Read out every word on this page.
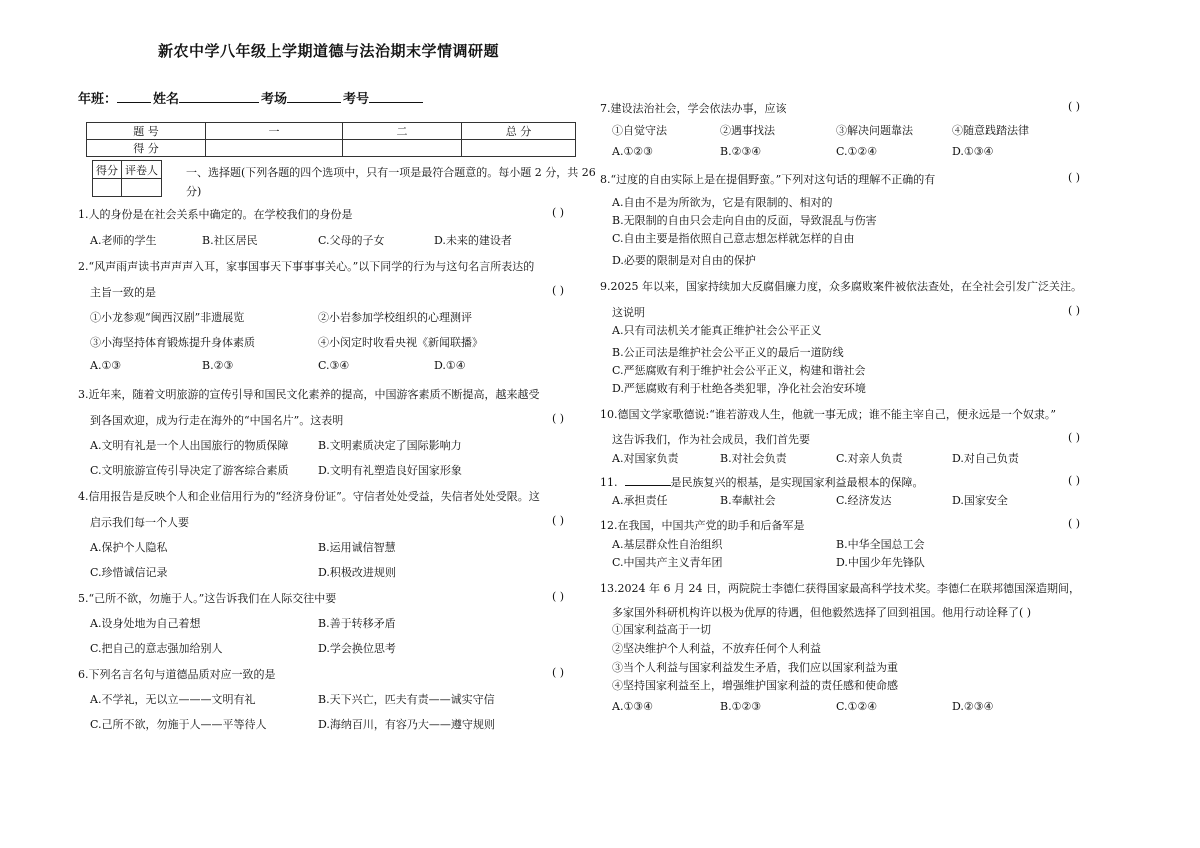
新农中学八年级上学期道德与法治期末学情调研题
年班：	姓名	考场	考号
题 号	一	二	总 分
得 分			
得分	评卷人
		一、选择题(下列各题的四个选项中，只有一项是最符合题意的。每小题 2 分，共 26分)
1.人的身份是在社会关系中确定的。在学校我们的身份是	( )
A.老师的学生	B.社区居民	C.父母的子女	D.未来的建设者
2.“风声雨声读书声声声入耳，家事国事天下事事事关心。”以下同学的行为与这句名言所表达的
主旨一致的是	( )
①小龙参观“闽西汉剧”非遗展览	②小岩参加学校组织的心理测评
③小海坚持体育锻炼提升身体素质	④小闵定时收看央视《新闻联播》
A.①③	B.②③	C.③④	D.①④
3.近年来，随着文明旅游的宣传引导和国民文化素养的提高，中国游客素质不断提高，越来越受
到各国欢迎，成为行走在海外的“中国名片”。这表明	( )
A.文明有礼是一个人出国旅行的物质保障	B.文明素质决定了国际影响力
C.文明旅游宣传引导决定了游客综合素质	D.文明有礼塑造良好国家形象
4.信用报告是反映个人和企业信用行为的“经济身份证”。守信者处处受益，失信者处处受限。这
启示我们每一个人要	( )
A.保护个人隐私	B.运用诚信智慧
C.珍惜诚信记录	D.积极改进规则
5.“己所不欲，勿施于人。”这告诉我们在人际交往中要	( )
A.设身处地为自己着想	B.善于转移矛盾
C.把自己的意志强加给别人	D.学会换位思考
6.下列名言名句与道德品质对应一致的是	( )
A.不学礼，无以立———文明有礼	B.天下兴亡，匹夫有责——诚实守信
C.己所不欲，勿施于人——平等待人	D.海纳百川，有容乃大——遵守规则
7.建设法治社会，学会依法办事，应该	( )
①自觉守法	②遇事找法	③解决问题靠法	④随意践踏法律
A.①②③	B.②③④	C.①②④	D.①③④
8.“过度的自由实际上是在提倡野蛮。”下列对这句话的理解不正确的有	( )
A.自由不是为所欲为，它是有限制的、相对的
B.无限制的自由只会走向自由的反面，导致混乱与伤害
C.自由主要是指依照自己意志想怎样就怎样的自由
D.必要的限制是对自由的保护
9.2025 年以来，国家持续加大反腐倡廉力度，众多腐败案件被依法查处，在全社会引发广泛关注。
这说明	( )
A.只有司法机关才能真正维护社会公平正义
B.公正司法是维护社会公平正义的最后一道防线
C.严惩腐败有利于维护社会公平正义，构建和谐社会
D.严惩腐败有利于杜绝各类犯罪，净化社会治安环境
10.德国文学家歌德说:“谁若游戏人生，他就一事无成；谁不能主宰自己，便永远是一个奴隶。”
这告诉我们，作为社会成员，我们首先要	( )
A.对国家负责	B.对社会负责	C.对亲人负责	D.对自己负责
11.	是民族复兴的根基，是实现国家利益最根本的保障。	( )
A.承担责任	B.奉献社会	C.经济发达	D.国家安全
12.在我国，中国共产党的助手和后备军是	( )
A.基层群众性自治组织	B.中华全国总工会
C.中国共产主义青年团	D.中国少年先锋队
13.2024 年 6 月 24 日，两院院士李德仁获得国家最高科学技术奖。李德仁在联邦德国深造期间，
多家国外科研机构许以极为优厚的待遇，但他毅然选择了回到祖国。他用行动诠释了( )
①国家利益高于一切
②坚决维护个人利益，不放弃任何个人利益
③当个人利益与国家利益发生矛盾，我们应以国家利益为重
④坚持国家利益至上，增强维护国家利益的责任感和使命感
A.①③④	B.①②③	C.①②④	D.②③④
